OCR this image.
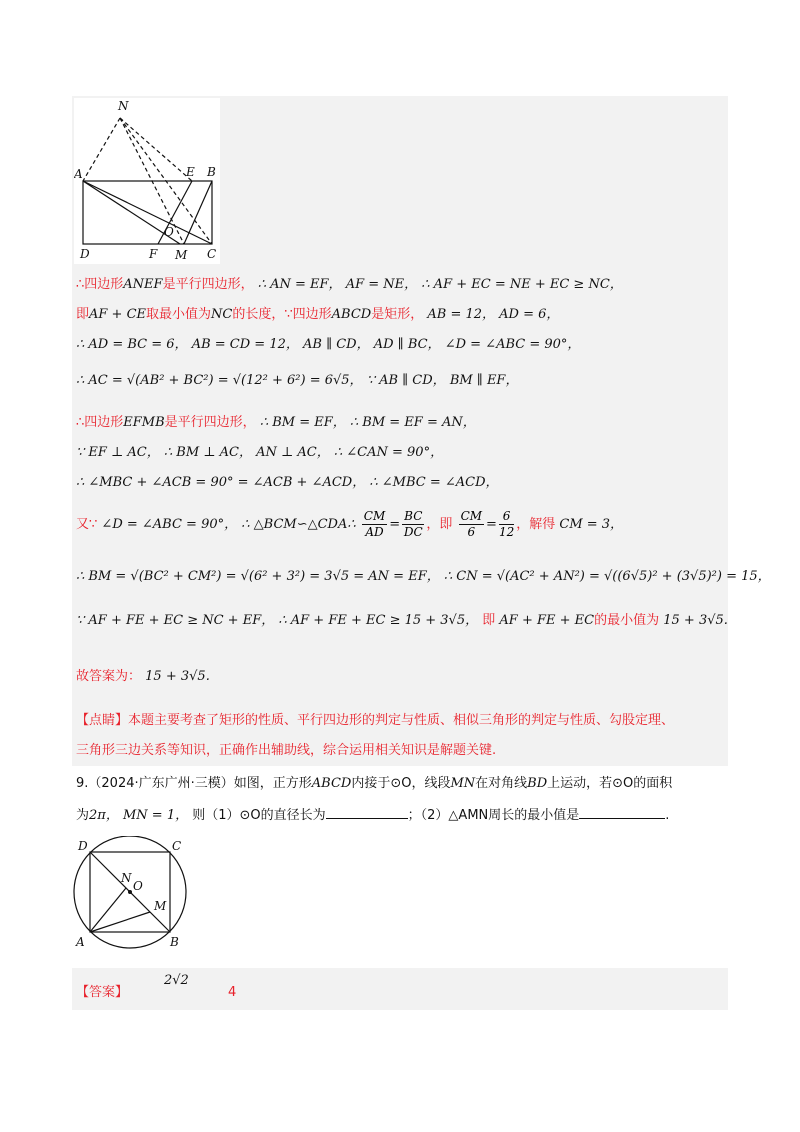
N
A	E B
O
D	F M C
∴四边形ANEF是平行四边形， ∴ AN = EF， AF = NE， ∴ AF + EC = NE + EC ≥ NC，
即AF + CE取最小值为NC的长度，∵四边形ABCD是矩形， AB = 12， AD = 6，
∴ AD = BC = 6， AB = CD = 12， AB ∥ CD， AD ∥ BC， ∠D = ∠ABC = 90°，
∴ AC = √(AB² + BC²) = √(12² + 6²) = 6√5， ∵ AB ∥ CD， BM ∥ EF，
∴四边形EFMB是平行四边形， ∴ BM = EF， ∴ BM = EF = AN，
∵ EF ⊥ AC， ∴ BM ⊥ AC， AN ⊥ AC， ∴ ∠CAN = 90°，
∴ ∠MBC + ∠ACB = 90° = ∠ACB + ∠ACD， ∴ ∠MBC = ∠ACD，
又∵ ∠D = ∠ABC = 90°， ∴ △BCM∽△CDA∴ $\frac{CM}{AD} = \frac{BC}{DC}$ ，即 $\frac{CM}{6} = \frac{6}{12}$ ，解得 CM = 3，
∴ BM = √(BC² + CM²) = √(6² + 3²) = 3√5 = AN = EF， ∴ CN = √(AC² + AN²) = √((6√5)² + (3√5)²) = 15，
∵ AF + FE + EC ≥ NC + EF， ∴ AF + FE + EC ≥ 15 + 3√5， 即 AF + FE + EC的最小值为 15 + 3√5.
故答案为： 15 + 3√5.
【点睛】本题主要考查了矩形的性质、平行四边形的判定与性质、相似三角形的判定与性质、勾股定理、
三角形三边关系等知识，正确作出辅助线，综合运用相关知识是解题关键.
9.（2024·广东广州·三模）如图，正方形ABCD内接于⊙O，线段MN在对角线BD上运动，若⊙O的面积
为2π， MN = 1， 则（1）⊙O的直径长为	；（2）△AMN周长的最小值是	.
D	C
N
O
M
A	B
【答案】
2√2
4
